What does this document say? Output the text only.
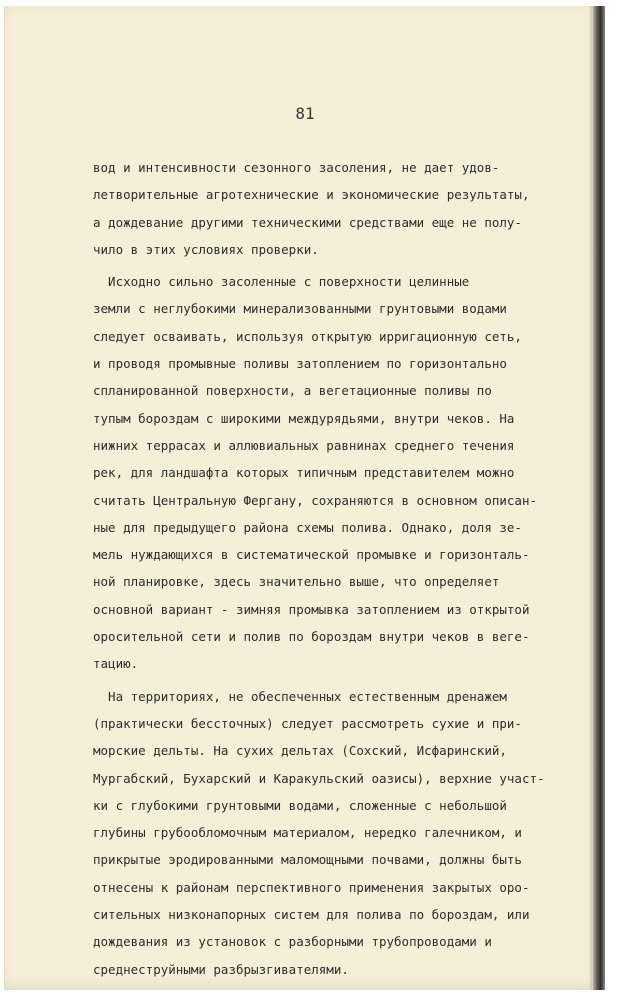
81
вод и интенсивности сезонного засоления, не дает удов-
летворительные агротехнические и экономические результаты,
а дождевание другими техническими средствами еще не полу-
чило в этих условиях проверки.
Исходно сильно засоленные с поверхности целинные
земли с неглубокими минерализованными грунтовыми водами
следует осваивать, используя открытую ирригационную сеть,
и проводя промывные поливы затоплением по горизонтально
спланированной поверхности, а вегетационные поливы по
тупым бороздам с широкими междурядьями, внутри чеков. На
нижних террасах и аллювиальных равнинах среднего течения
рек, для ландшафта которых типичным представителем можно
считать Центральную Фергану, сохраняются в основном описан-
ные для предыдущего района схемы полива. Однако, доля зе-
мель нуждающихся в систематической промывке и горизонталь-
ной планировке, здесь значительно выше, что определяет
основной вариант - зимняя промывка затоплением из открытой
оросительной сети и полив по бороздам внутри чеков в веге-
тацию.
На территориях, не обеспеченных естественным дренажем
(практически бессточных) следует рассмотреть сухие и при-
морские дельты. На сухих дельтах (Сохский, Исфаринский,
Мургабский, Бухарский и Каракульский оазисы), верхние участ-
ки с глубокими грунтовыми водами, сложенные с небольшой
глубины грубообломочным материалом, нередко галечником, и
прикрытые эродированными маломощными почвами, должны быть
отнесены к районам перспективного применения закрытых оро-
сительных низконапорных систем для полива по бороздам, или
дождевания из установок с разборными трубопроводами и
среднеструйными разбрызгивателями.
